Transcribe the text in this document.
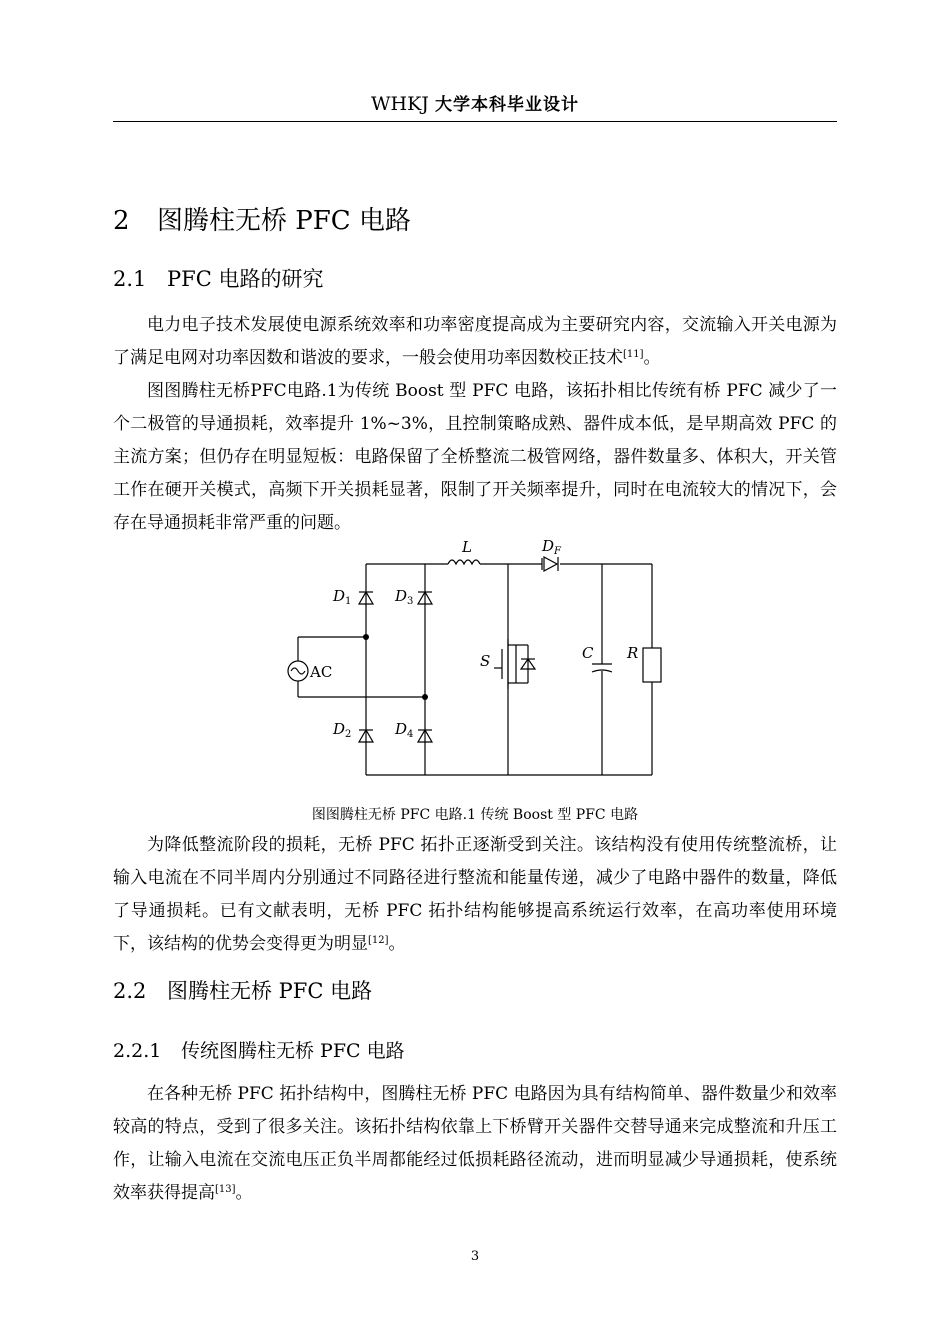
WHKJ 大学本科毕业设计
2 图腾柱无桥 PFC 电路
2.1 PFC 电路的研究

电力电子技术发展使电源系统效率和功率密度提高成为主要研究内容，交流输入开关电源为了满足电网对功率因数和谐波的要求，一般会使用功率因数校正技术[11]。

图图腾柱无桥PFC电路.1为传统 Boost 型 PFC 电路，该拓扑相比传统有桥 PFC 减少了一个二极管的导通损耗，效率提升 1%~3%，且控制策略成熟、器件成本低，是早期高效 PFC 的主流方案；但仍存在明显短板：电路保留了全桥整流二极管网络，器件数量多、体积大，开关管工作在硬开关模式，高频下开关损耗显著，限制了开关频率提升，同时在电流较大的情况下，会存在导通损耗非常严重的问题。

L	$D_F$
$D_1$	$D_3$
$D_2$	$D_4$
S	C R
AC
图图腾柱无桥 PFC 电路.1 传统 Boost 型 PFC 电路

为降低整流阶段的损耗，无桥 PFC 拓扑正逐渐受到关注。该结构没有使用传统整流桥，让输入电流在不同半周内分别通过不同路径进行整流和能量传递，减少了电路中器件的数量，降低了导通损耗。已有文献表明，无桥 PFC 拓扑结构能够提高系统运行效率，在高功率使用环境下，该结构的优势会变得更为明显[12]。

2.2 图腾柱无桥 PFC 电路
2.2.1 传统图腾柱无桥 PFC 电路

在各种无桥 PFC 拓扑结构中，图腾柱无桥 PFC 电路因为具有结构简单、器件数量少和效率较高的特点，受到了很多关注。该拓扑结构依靠上下桥臂开关器件交替导通来完成整流和升压工作，让输入电流在交流电压正负半周都能经过低损耗路径流动，进而明显减少导通损耗，使系统效率获得提高[13]。

3
